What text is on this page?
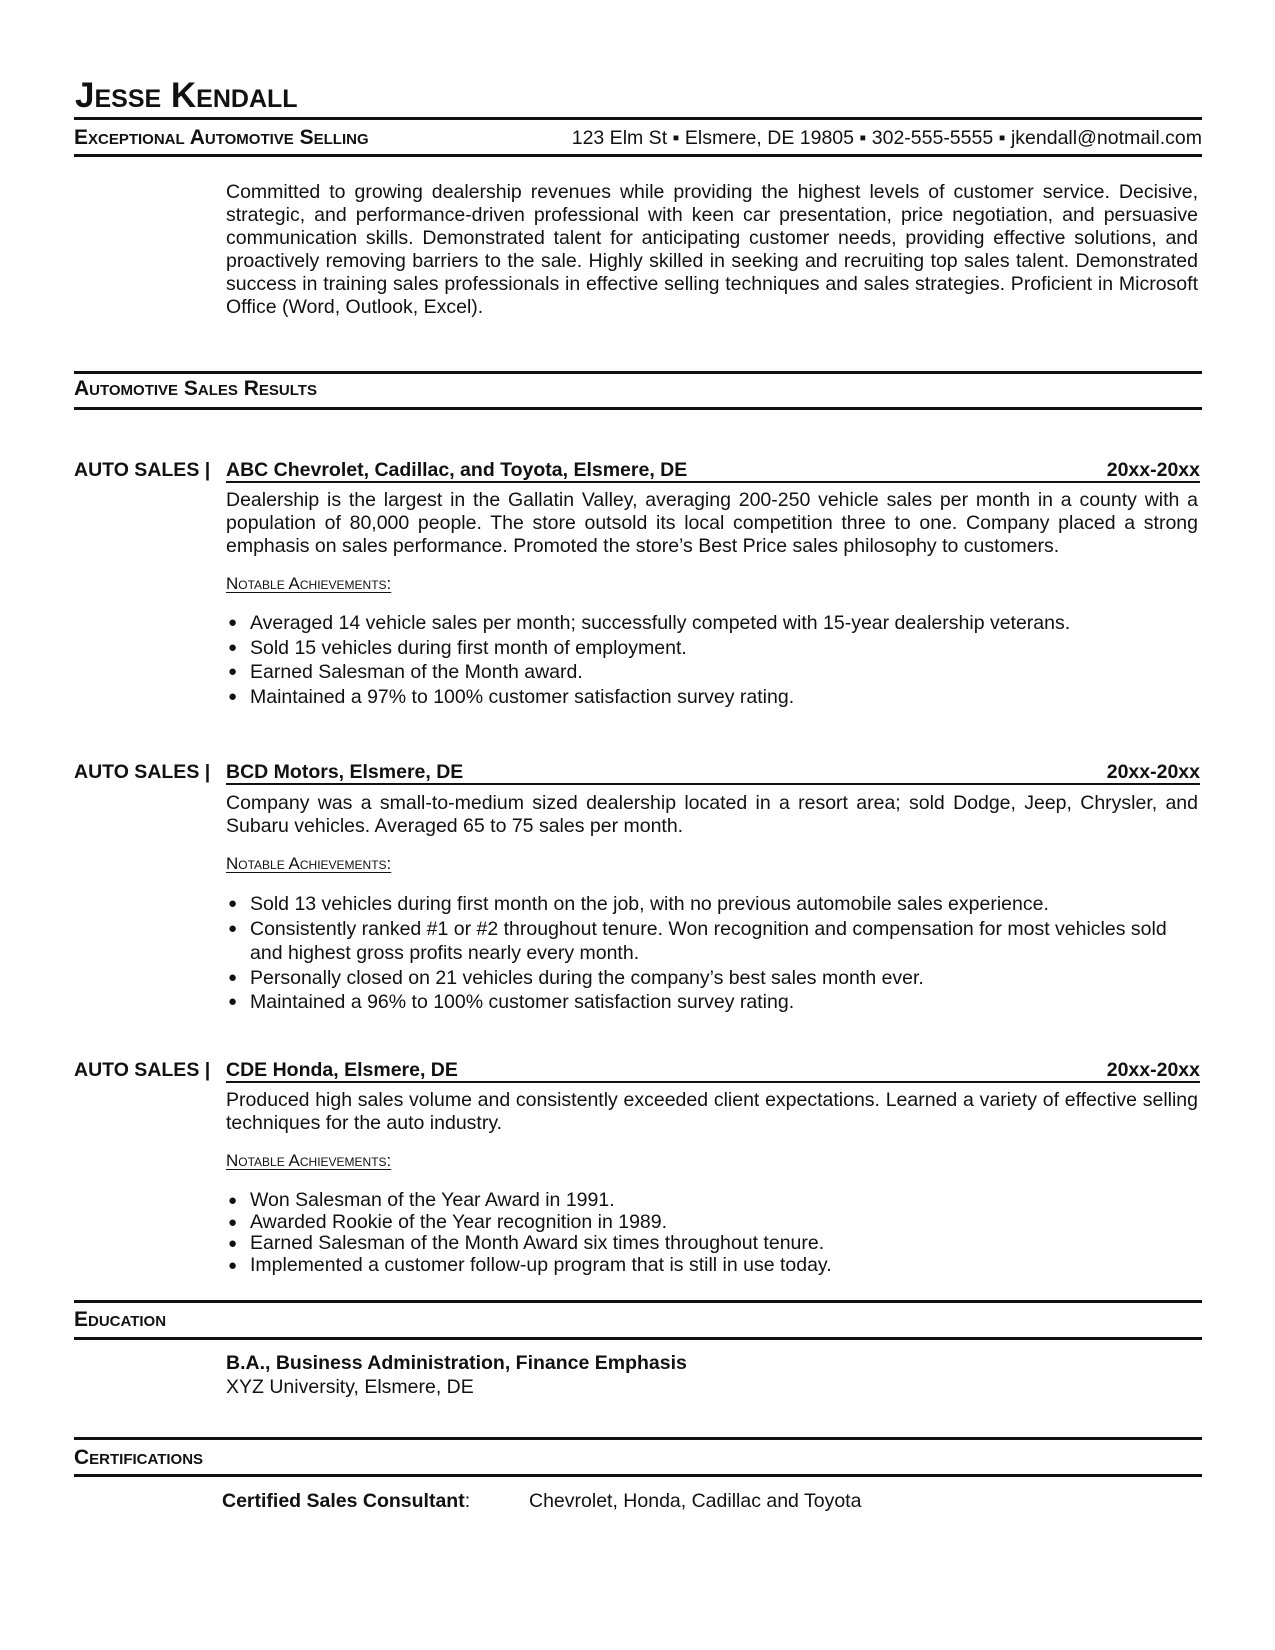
Jesse Kendall
Exceptional Automotive Selling	123 Elm St ▪ Elsmere, DE 19805 ▪ 302-555-5555 ▪ jkendall@notmail.com
Committed to growing dealership revenues while providing the highest levels of customer service. Decisive, strategic, and performance-driven professional with keen car presentation, price negotiation, and persuasive communication skills. Demonstrated talent for anticipating customer needs, providing effective solutions, and proactively removing barriers to the sale. Highly skilled in seeking and recruiting top sales talent. Demonstrated success in training sales professionals in effective selling techniques and sales strategies. Proficient in Microsoft Office (Word, Outlook, Excel).
Automotive Sales Results
AUTO SALES | ABC Chevrolet, Cadillac, and Toyota, Elsmere, DE	20xx-20xx
Dealership is the largest in the Gallatin Valley, averaging 200-250 vehicle sales per month in a county with a population of 80,000 people. The store outsold its local competition three to one. Company placed a strong emphasis on sales performance. Promoted the store’s Best Price sales philosophy to customers.
Notable Achievements:
● Averaged 14 vehicle sales per month; successfully competed with 15-year dealership veterans.
● Sold 15 vehicles during first month of employment.
● Earned Salesman of the Month award.
● Maintained a 97% to 100% customer satisfaction survey rating.
AUTO SALES | BCD Motors, Elsmere, DE	20xx-20xx
Company was a small-to-medium sized dealership located in a resort area; sold Dodge, Jeep, Chrysler, and Subaru vehicles. Averaged 65 to 75 sales per month.
Notable Achievements:
● Sold 13 vehicles during first month on the job, with no previous automobile sales experience.
● Consistently ranked #1 or #2 throughout tenure. Won recognition and compensation for most vehicles sold and highest gross profits nearly every month.
● Personally closed on 21 vehicles during the company’s best sales month ever.
● Maintained a 96% to 100% customer satisfaction survey rating.
AUTO SALES | CDE Honda, Elsmere, DE	20xx-20xx
Produced high sales volume and consistently exceeded client expectations. Learned a variety of effective selling techniques for the auto industry.
Notable Achievements:
● Won Salesman of the Year Award in 1991.
● Awarded Rookie of the Year recognition in 1989.
● Earned Salesman of the Month Award six times throughout tenure.
● Implemented a customer follow-up program that is still in use today.
Education
B.A., Business Administration, Finance Emphasis
XYZ University, Elsmere, DE
Certifications
Certified Sales Consultant:	Chevrolet, Honda, Cadillac and Toyota
